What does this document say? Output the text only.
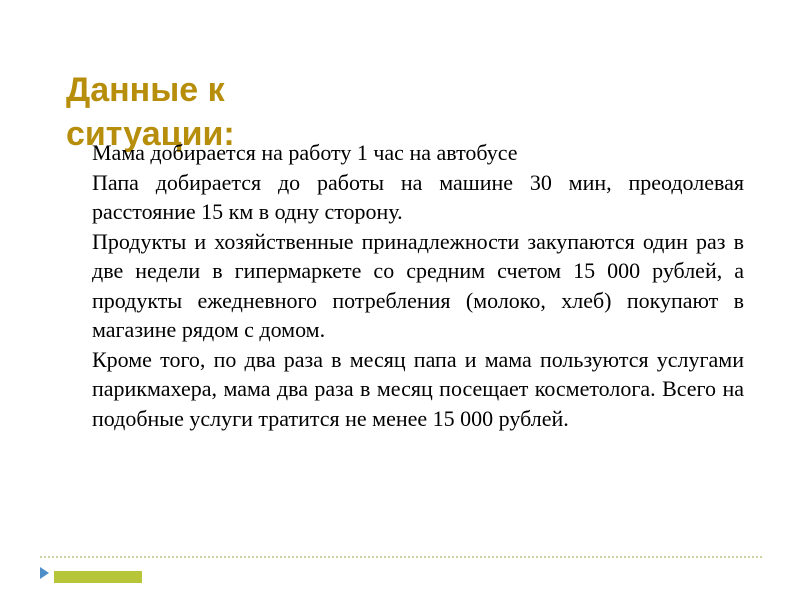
Данные к ситуации:
Мама добирается на работу 1 час на автобусе
Папа добирается до работы на машине 30 мин, преодолевая расстояние 15 км в одну сторону.
Продукты и хозяйственные принадлежности закупаются один раз в две недели в гипермаркете со средним счетом 15 000 рублей, а продукты ежедневного потребления (молоко, хлеб) покупают в магазине рядом с домом.
Кроме того, по два раза в месяц папа и мама пользуются услугами парикмахера, мама два раза в месяц посещает косметолога. Всего на подобные услуги тратится не менее 15 000 рублей.
